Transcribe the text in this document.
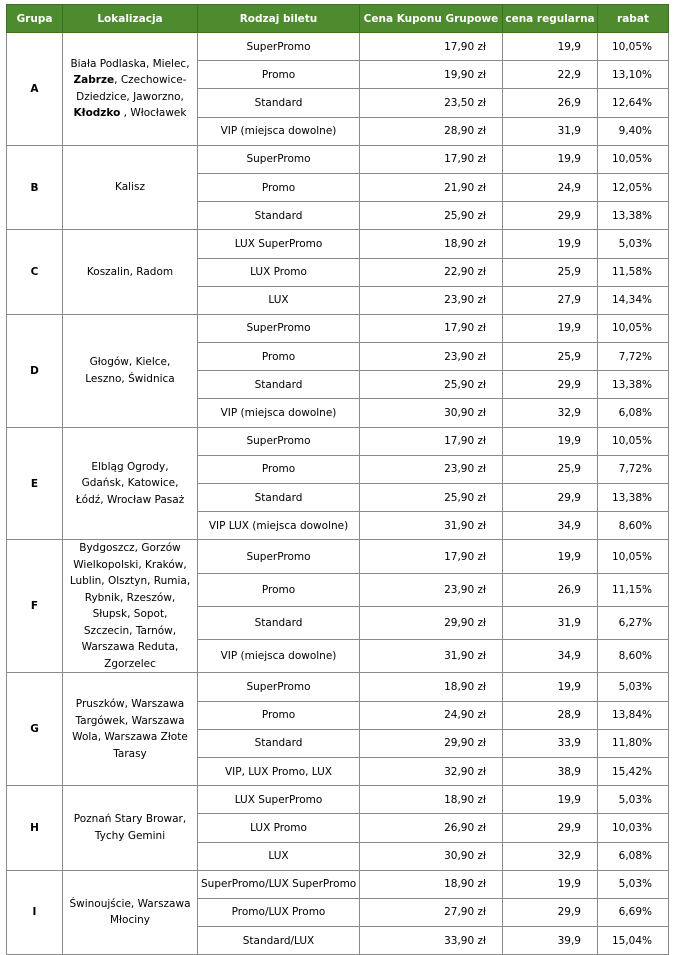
Grupa	Lokalizacja	Rodzaj biletu	Cena Kuponu Grupowe	cena regularna	rabat
A	Biała Podlaska, Mielec, Zabrze, Czechowice-Dziedzice, Jaworzno, Kłodzko , Włocławek	SuperPromo	17,90 zł	19,9	10,05%
		Promo	19,90 zł	22,9	13,10%
		Standard	23,50 zł	26,9	12,64%
		VIP (miejsca dowolne)	28,90 zł	31,9	9,40%
B	Kalisz	SuperPromo	17,90 zł	19,9	10,05%
		Promo	21,90 zł	24,9	12,05%
		Standard	25,90 zł	29,9	13,38%
C	Koszalin, Radom	LUX SuperPromo	18,90 zł	19,9	5,03%
		LUX Promo	22,90 zł	25,9	11,58%
		LUX	23,90 zł	27,9	14,34%
D	Głogów, Kielce, Leszno, Świdnica	SuperPromo	17,90 zł	19,9	10,05%
		Promo	23,90 zł	25,9	7,72%
		Standard	25,90 zł	29,9	13,38%
		VIP (miejsca dowolne)	30,90 zł	32,9	6,08%
E	Elbląg Ogrody, Gdańsk, Katowice, Łódź, Wrocław Pasaż	SuperPromo	17,90 zł	19,9	10,05%
		Promo	23,90 zł	25,9	7,72%
		Standard	25,90 zł	29,9	13,38%
		VIP LUX (miejsca dowolne)	31,90 zł	34,9	8,60%
F	Bydgoszcz, Gorzów Wielkopolski, Kraków, Lublin, Olsztyn, Rumia, Rybnik, Rzeszów, Słupsk, Sopot, Szczecin, Tarnów, Warszawa Reduta, Zgorzelec	SuperPromo	17,90 zł	19,9	10,05%
		Promo	23,90 zł	26,9	11,15%
		Standard	29,90 zł	31,9	6,27%
		VIP (miejsca dowolne)	31,90 zł	34,9	8,60%
G	Pruszków, Warszawa Targówek, Warszawa Wola, Warszawa Złote Tarasy	SuperPromo	18,90 zł	19,9	5,03%
		Promo	24,90 zł	28,9	13,84%
		Standard	29,90 zł	33,9	11,80%
		VIP, LUX Promo, LUX	32,90 zł	38,9	15,42%
H	Poznań Stary Browar, Tychy Gemini	LUX SuperPromo	18,90 zł	19,9	5,03%
		LUX Promo	26,90 zł	29,9	10,03%
		LUX	30,90 zł	32,9	6,08%
I	Świnoujście, Warszawa Młociny	SuperPromo/LUX SuperPromo	18,90 zł	19,9	5,03%
		Promo/LUX Promo	27,90 zł	29,9	6,69%
		Standard/LUX	33,90 zł	39,9	15,04%
